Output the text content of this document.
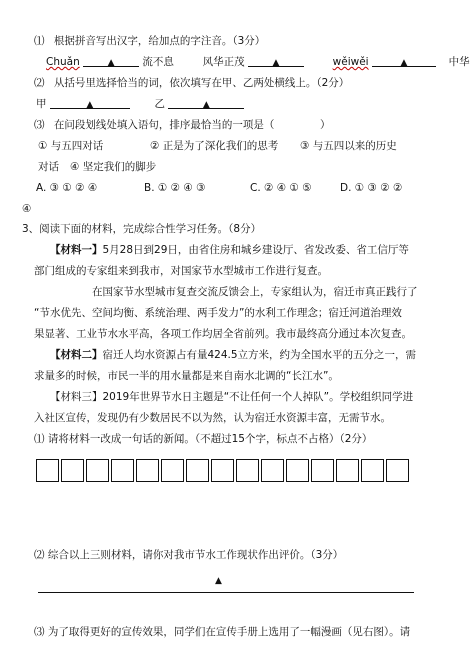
⑴ 根据拼音写出汉字，给加点的字注音。（3分）
Chuǎn	▲	流不息	风华正茂	▲	wěiwěi	▲	中华
⑵ 从括号里选择恰当的词，依次填写在甲、乙两处横线上。（2分）
甲	▲	乙	▲
⑶ 在问段划线处填入语句，排序最恰当的一项是（	）
① 与五四对话	② 正是为了深化我们的思考 ③ 与五四以来的历史
对话 ④ 坚定我们的脚步
A. ③ ① ② ④	B. ① ② ④ ③	C. ② ④ ① ⑤	D. ① ③ ② ②
④
3、阅读下面的材料，完成综合性学习任务。（8分）
【材料一】5月28日到29日，由省住房和城乡建设厅、省发改委、省工信厅等
部门组成的专家组来到我市，对国家节水型城市工作进行复查。
在国家节水型城市复查交流反馈会上，专家组认为，宿迁市真正践行了
“节水优先、空间均衡、系统治理、两手发力”的水利工作理念；宿迁河道治理效
果显著、工业节水水平高，各项工作均居全省前列。我市最终高分通过本次复查。
【材料二】宿迁人均水资源占有量424.5立方米，约为全国水平的五分之一，需
求量多的时候，市民一半的用水量都是来自南水北调的“长江水”。
【材料三】2019年世界节水日主题是“不让任何一个人掉队”。学校组织同学进
入社区宣传，发现仍有少数居民不以为然，认为宿迁水资源丰富，无需节水。
⑴ 请将材料一改成一句话的新闻。（不超过15个字，标点不占格）（2分）
⑵ 综合以上三则材料，请你对我市节水工作现状作出评价。（3分）
▲
⑶ 为了取得更好的宣传效果，同学们在宣传手册上选用了一幅漫画（见右图）。请
